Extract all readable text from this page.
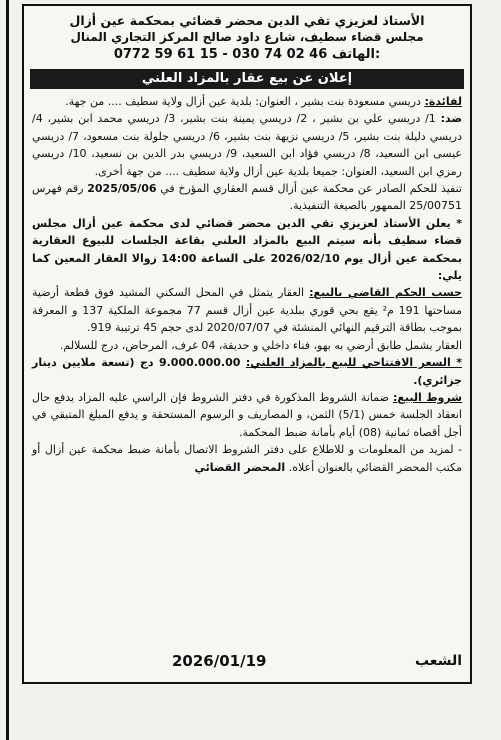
الأستاذ لعزيزي تقي الدين محضر قضائي بمحكمة عين أزال
مجلس قضاء سطيف، شارع داود صالح المركز التجاري المنال
0772 59 61 15 - 030 74 02 46 الهاتف:
إعلان عن بيع عقار بالمزاد العلني

لفائدة: دريسي مسعودة بنت بشير ، العنوان: بلدية عين أزال ولاية سطيف .... من جهة.

ضد: 1/ دريسي علي بن بشير ، 2/ دريسي يمينة بنت بشير، 3/ دريسي محمد ابن بشير، 4/ دريسي دليلة بنت بشير، 5/ دريسي نزيهة بنت بشير، 6/ دريسي جلولة بنت مسعود، 7/ دريسي عيسى ابن السعيد، 8/ دريسي فؤاد ابن السعيد، 9/ دريسي بدر الدين بن نسعيد، 10/ دريسي رمزي ابن السعيد، العنوان: جميعا بلدية عين أزال ولاية سطيف .... من جهة أخرى.

تنفيذ للحكم الصادر عن محكمة عين أزال قسم العقاري المؤرخ في 2025/05/06 رقم فهرس 25/00751 الممهور بالصيغة التنفيذية.

* يعلن الأستاذ لعزيزي تقي الدين محضر قضائي لدى محكمة عين أزال مجلس قضاء سطيف بأنه سيتم البيع بالمزاد العلني بقاعة الجلسات للبيوع العقارية بمحكمة عين أزال يوم 2026/02/10 على الساعة 14:00 زوالا العقار المعين كما يلي:

حسب الحكم القاضي بالبيع: العقار يتمثل في المحل السكني المشيد فوق قطعة أرضية مساحتها 191 م² يقع بحي قوري ببلدية عين أزال قسم 77 مجموعة الملكية 137 و المعرفة بموجب بطاقة الترقيم النهائي المنشئة في 2020/07/07 لدى حجم 45 ترتيبة 919.

العقار يشمل طابق أرضي به بهو، فناء داخلي و حديقة، 04 غرف، المرحاض، درج للسلالم.

* السعر الافتتاحي للبيع بالمزاد العلني: 9.000.000.00 دج (تسعة ملايين دينار جزائري).

شروط البيع: ضمانة الشروط المذكورة في دفتر الشروط فإن الراسي عليه المزاد يدفع حال انعقاد الجلسة خمس (5/1) الثمن، و المصاريف و الرسوم المستحقة و يدفع المبلغ المتبقي في أجل أقصاه ثمانية (08) أيام بأمانة ضبط المحكمة.

- لمزيد من المعلومات و للاطلاع على دفتر الشروط الاتصال بأمانة ضبط محكمة عين أزال أو مكتب المحضر القضائي بالعنوان أعلاه. المحضر القضائي

الشعب
2026/01/19
